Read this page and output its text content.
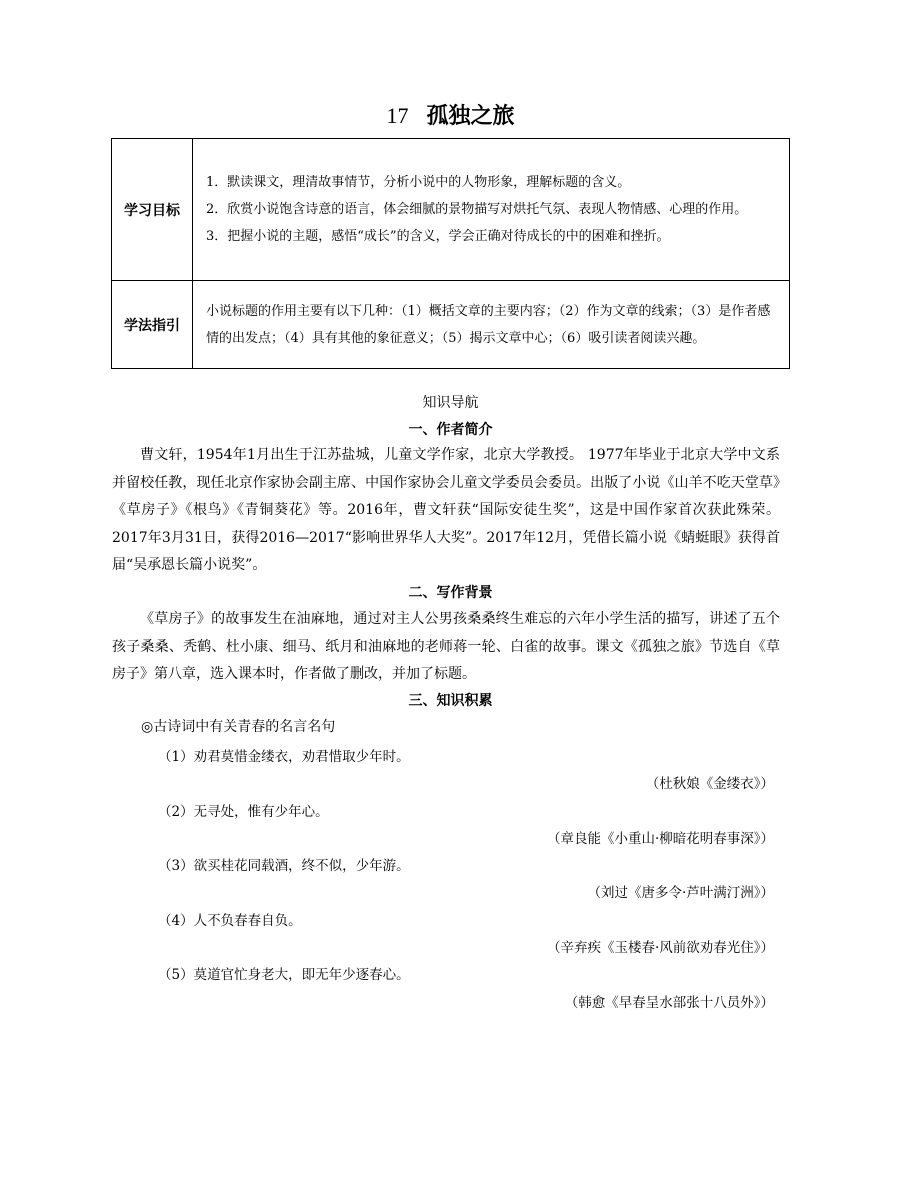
17 孤独之旅
学习目标	1．默读课文，理清故事情节，分析小说中的人物形象，理解标题的含义。
2．欣赏小说饱含诗意的语言，体会细腻的景物描写对烘托气氛、表现人物情感、心理的作用。
3．把握小说的主题，感悟“成长”的含义，学会正确对待成长的中的困难和挫折。

学法指引	小说标题的作用主要有以下几种：（1）概括文章的主要内容；（2）作为文章的线索；（3）是作者感情的出发点；（4）具有其他的象征意义；（5）揭示文章中心；（6）吸引读者阅读兴趣。
知识导航
一、作者简介
曹文轩，1954年1月出生于江苏盐城，儿童文学作家，北京大学教授。 1977年毕业于北京大学中文系并留校任教，现任北京作家协会副主席、中国作家协会儿童文学委员会委员。出版了小说《山羊不吃天堂草》《草房子》《根鸟》《青铜葵花》等。2016年，曹文轩获“国际安徒生奖”，这是中国作家首次获此殊荣。2017年3月31日，获得2016—2017“影响世界华人大奖”。2017年12月，凭借长篇小说《蜻蜓眼》获得首届“吴承恩长篇小说奖”。
二、写作背景
《草房子》的故事发生在油麻地，通过对主人公男孩桑桑终生难忘的六年小学生活的描写，讲述了五个孩子桑桑、秃鹤、杜小康、细马、纸月和油麻地的老师蒋一轮、白雀的故事。课文《孤独之旅》节选自《草房子》第八章，选入课本时，作者做了删改，并加了标题。
三、知识积累
◎古诗词中有关青春的名言名句
（1）劝君莫惜金缕衣，劝君惜取少年时。
（杜秋娘《金缕衣》）
（2）无寻处，惟有少年心。
（章良能《小重山·柳暗花明春事深》）
（3）欲买桂花同载酒，终不似，少年游。
（刘过《唐多令·芦叶满汀洲》）
（4）人不负春春自负。
（辛弃疾《玉楼春·风前欲劝春光住》）
（5）莫道官忙身老大，即无年少逐春心。
（韩愈《早春呈水部张十八员外》）
